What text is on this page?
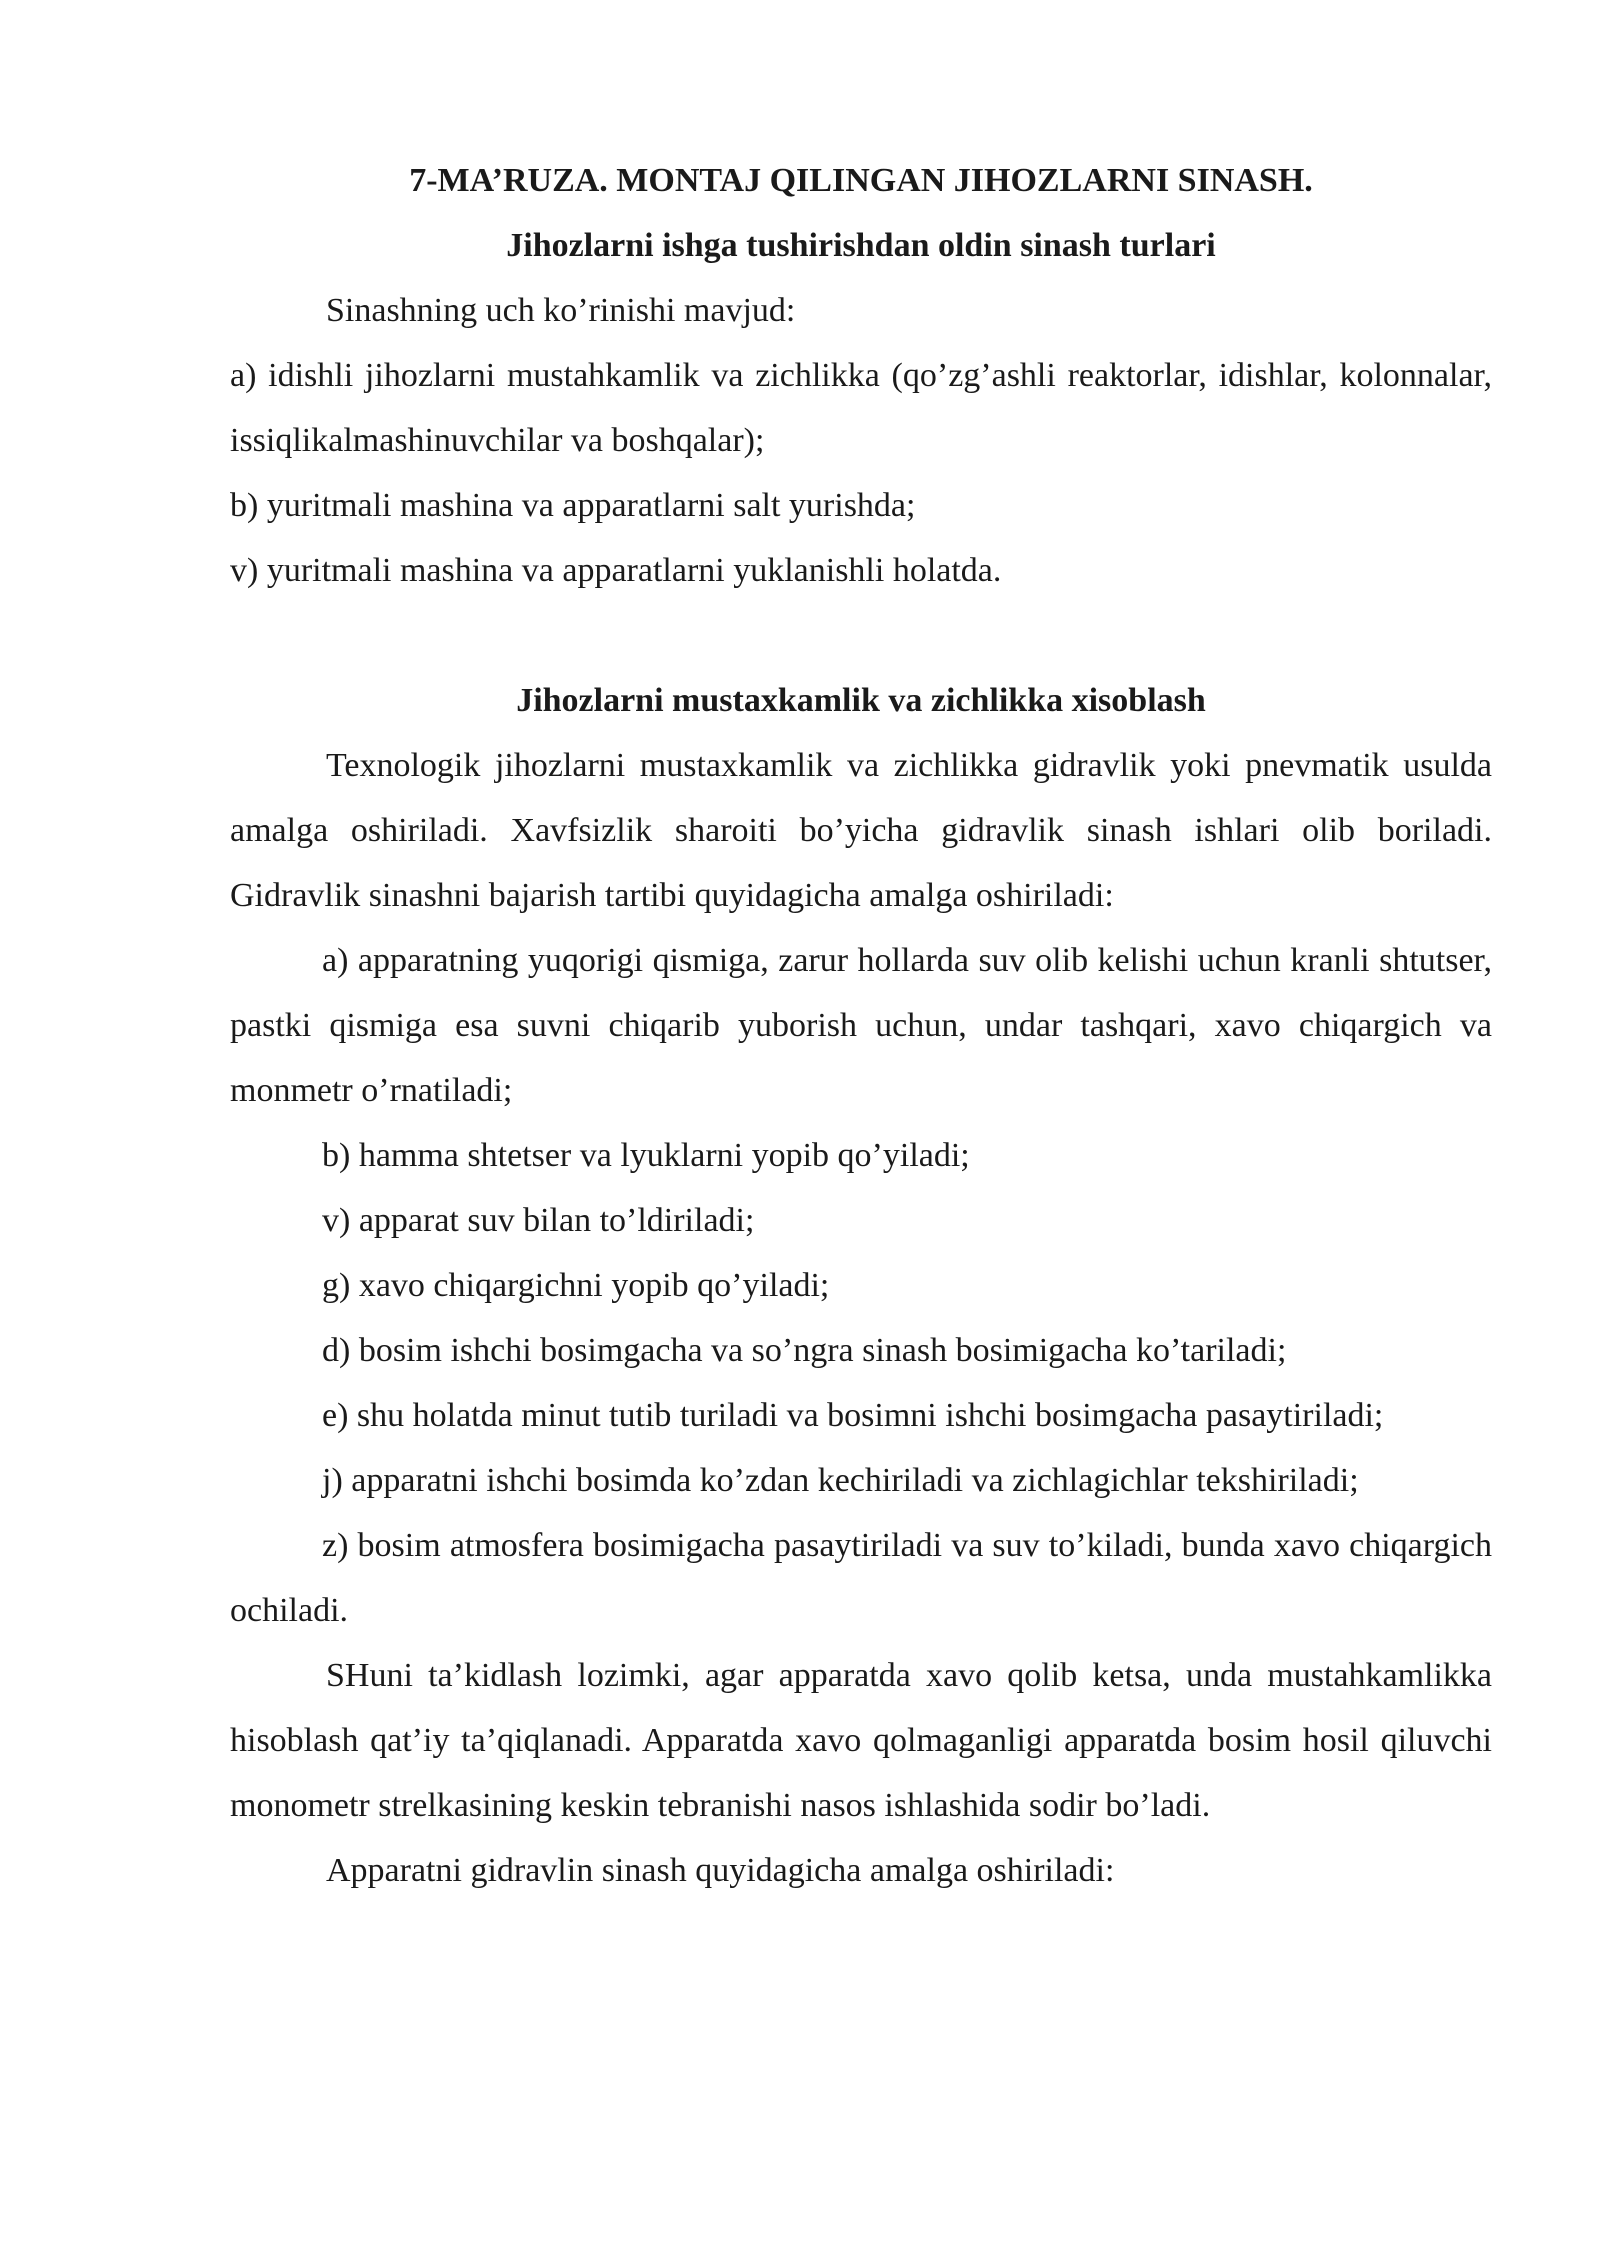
7-MA’RUZA. MONTAJ QILINGAN JIHOZLARNI SINASH.

Jihozlarni ishga tushirishdan oldin sinash turlari

Sinashning uch ko’rinishi mavjud:

a) idishli jihozlarni mustahkamlik va zichlikka (qo’zg’ashli reaktorlar, idishlar, kolonnalar, issiqlikalmashinuvchilar va boshqalar);

b) yuritmali mashina va apparatlarni salt yurishda;

v) yuritmali mashina va apparatlarni yuklanishli holatda.

Jihozlarni mustaxkamlik va zichlikka xisoblash

Texnologik jihozlarni mustaxkamlik va zichlikka gidravlik yoki pnevmatik usulda amalga oshiriladi. Xavfsizlik sharoiti bo’yicha gidravlik sinash ishlari olib boriladi. Gidravlik sinashni bajarish tartibi quyidagicha amalga oshiriladi:

a) apparatning yuqorigi qismiga, zarur hollarda suv olib kelishi uchun kranli shtutser, pastki qismiga esa suvni chiqarib yuborish uchun, undar tashqari, xavo chiqargich va monmetr o’rnatiladi;

b) hamma shtetser va lyuklarni yopib qo’yiladi;

v) apparat suv bilan to’ldiriladi;

g) xavo chiqargichni yopib qo’yiladi;

d) bosim ishchi bosimgacha va so’ngra sinash bosimigacha ko’tariladi;

e) shu holatda minut tutib turiladi va bosimni ishchi bosimgacha pasaytiriladi;

j) apparatni ishchi bosimda ko’zdan kechiriladi va zichlagichlar tekshiriladi;

z) bosim atmosfera bosimigacha pasaytiriladi va suv to’kiladi, bunda xavo chiqargich ochiladi.

SHuni ta’kidlash lozimki, agar apparatda xavo qolib ketsa, unda mustahkamlikka hisoblash qat’iy ta’qiqlanadi. Apparatda xavo qolmaganligi apparatda bosim hosil qiluvchi monometr strelkasining keskin tebranishi nasos ishlashida sodir bo’ladi.

Apparatni gidravlin sinash quyidagicha amalga oshiriladi:
